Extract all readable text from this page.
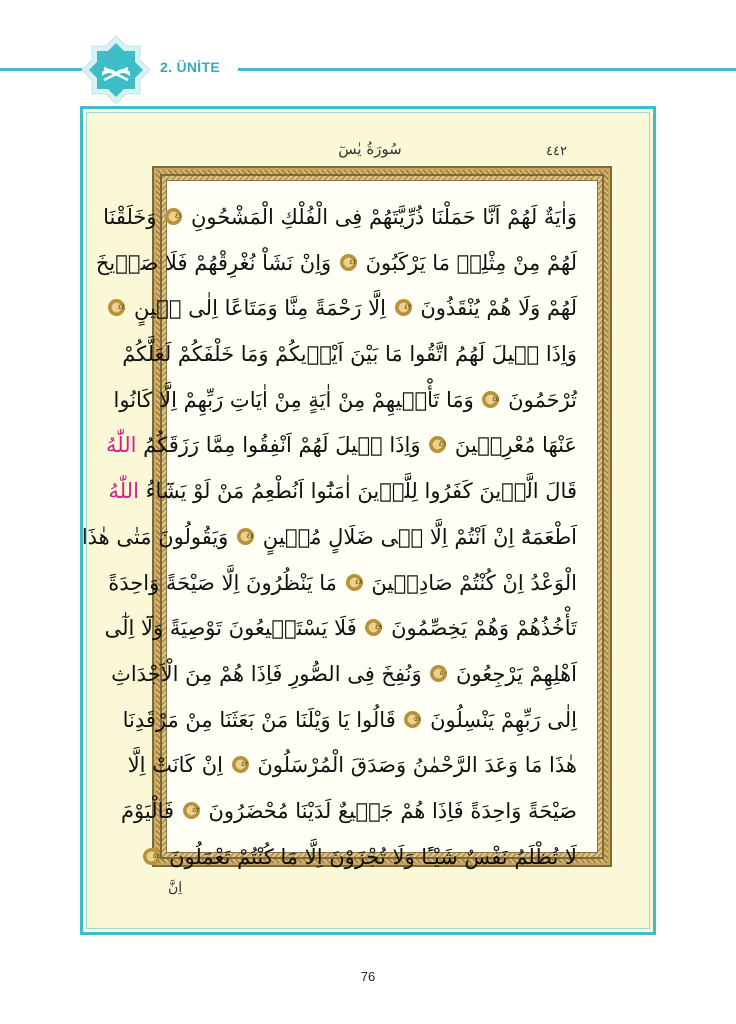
2. ÜNİTE
سُورَةُ يٰسٓ	٤٤٢
وَاٰيَةٌ لَهُمْ اَنَّا حَمَلْنَا ذُرِّيَّتَهُمْ فِى الْفُلْكِ الْمَشْحُونِ ٤١ وَخَلَقْنَا
لَهُمْ مِنْ مِثْلِه۪ مَا يَرْكَبُونَ ٤٢ وَاِنْ نَشَاْ نُغْرِقْهُمْ فَلَا صَر۪يخَ
لَهُمْ وَلَا هُمْ يُنْقَذُونَ ٤٣ اِلَّا رَحْمَةً مِنَّا وَمَتَاعًا اِلٰى ح۪ينٍ ٤٤
وَاِذَا ق۪يلَ لَهُمُ اتَّقُوا مَا بَيْنَ اَيْد۪يكُمْ وَمَا خَلْفَكُمْ لَعَلَّكُمْ
تُرْحَمُونَ ٤٥ وَمَا تَأْت۪يهِمْ مِنْ اٰيَةٍ مِنْ اٰيَاتِ رَبِّهِمْ اِلَّا كَانُوا
عَنْهَا مُعْرِض۪ينَ ٤٦ وَاِذَا ق۪يلَ لَهُمْ اَنْفِقُوا مِمَّا رَزَقَكُمُ اللّٰهُ
قَالَ الَّذ۪ينَ كَفَرُوا لِلَّذ۪ينَ اٰمَنُٓوا اَنُطْعِمُ مَنْ لَوْ يَشَٓاءُ اللّٰهُ
اَطْعَمَهُٓ اِنْ اَنْتُمْ اِلَّا ف۪ى ضَلَالٍ مُب۪ينٍ ٤٧ وَيَقُولُونَ مَتٰى هٰذَا
الْوَعْدُ اِنْ كُنْتُمْ صَادِق۪ينَ ٤٨ مَا يَنْظُرُونَ اِلَّا صَيْحَةً وَاحِدَةً
تَأْخُذُهُمْ وَهُمْ يَخِصِّمُونَ ٤٩ فَلَا يَسْتَط۪يعُونَ تَوْصِيَةً وَلَٓا اِلٰٓى
اَهْلِهِمْ يَرْجِعُونَ ٥٠ وَنُفِخَ فِى الصُّورِ فَاِذَا هُمْ مِنَ الْاَجْدَاثِ
اِلٰى رَبِّهِمْ يَنْسِلُونَ ٥١ قَالُوا يَا وَيْلَنَا مَنْ بَعَثَنَا مِنْ مَرْقَدِنَا
هٰذَا مَا وَعَدَ الرَّحْمٰنُ وَصَدَقَ الْمُرْسَلُونَ ٥٢ اِنْ كَانَتْ اِلَّا
صَيْحَةً وَاحِدَةً فَاِذَا هُمْ جَم۪يعٌ لَدَيْنَا مُحْضَرُونَ ٥٣ فَالْيَوْمَ
لَا تُظْلَمُ نَفْسٌ شَيْـًٔا وَلَا تُجْزَوْنَ اِلَّا مَا كُنْتُمْ تَعْمَلُونَ ٥٤
اِنَّ
76
